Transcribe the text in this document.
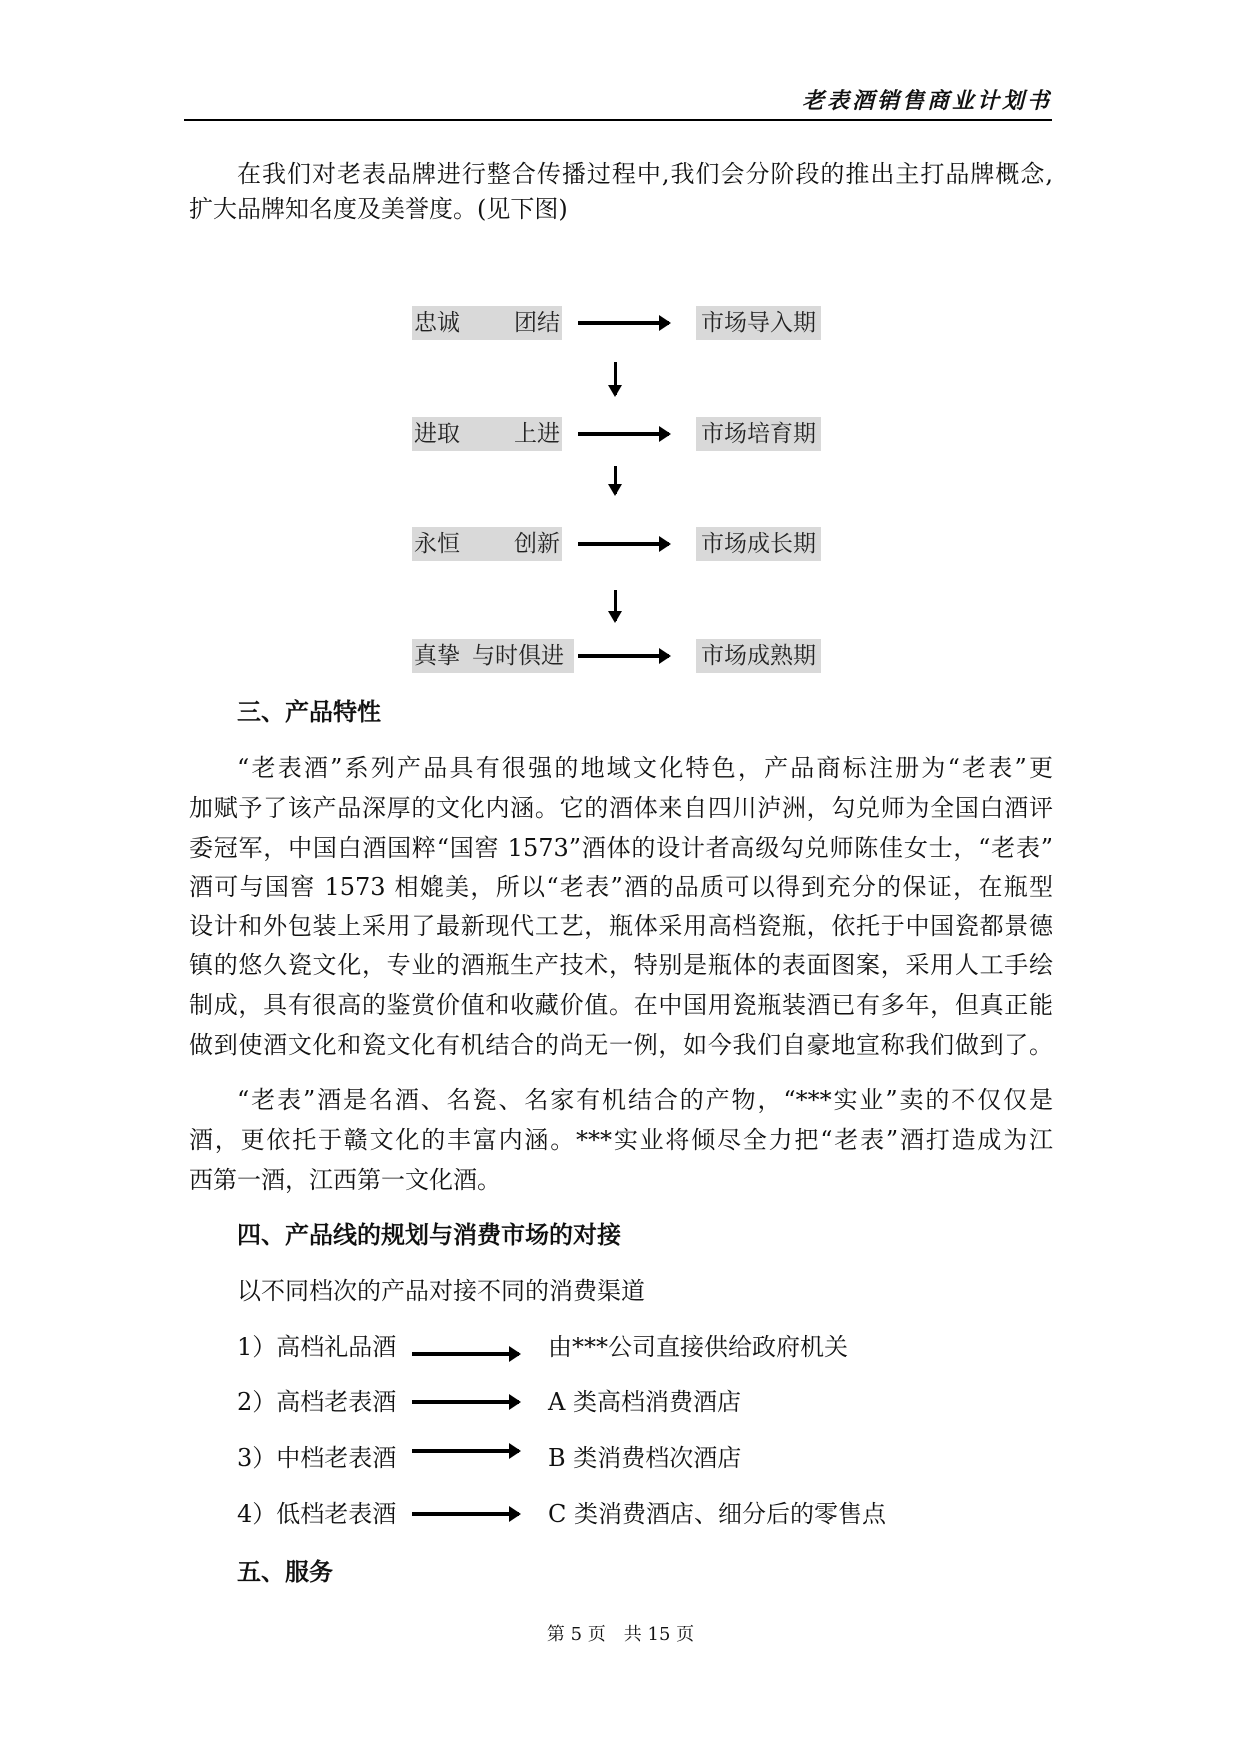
老表酒销售商业计划书
在我们对老表品牌进行整合传播过程中,我们会分阶段的推出主打品牌概念,
扩大品牌知名度及美誉度。(见下图)
忠诚 团结	市场导入期
进取 上进	市场培育期
永恒 创新	市场成长期
真挚 与时俱进	市场成熟期
三、产品特性
“老表酒”系列产品具有很强的地域文化特色，产品商标注册为“老表”更
加赋予了该产品深厚的文化内涵。它的酒体来自四川泸洲，勾兑师为全国白酒评
委冠军，中国白酒国粹“国窖 1573”酒体的设计者高级勾兑师陈佳女士，“老表”
酒可与国窖 1573 相媲美，所以“老表”酒的品质可以得到充分的保证，在瓶型
设计和外包装上采用了最新现代工艺，瓶体采用高档瓷瓶，依托于中国瓷都景德
镇的悠久瓷文化，专业的酒瓶生产技术，特别是瓶体的表面图案，采用人工手绘
制成，具有很高的鉴赏价值和收藏价值。在中国用瓷瓶装酒已有多年，但真正能
做到使酒文化和瓷文化有机结合的尚无一例，如今我们自豪地宣称我们做到了。
“老表”酒是名酒、名瓷、名家有机结合的产物，“***实业”卖的不仅仅是
酒，更依托于赣文化的丰富内涵。***实业将倾尽全力把“老表”酒打造成为江
西第一酒，江西第一文化酒。
四、产品线的规划与消费市场的对接
以不同档次的产品对接不同的消费渠道
1）高档礼品酒	由***公司直接供给政府机关
2）高档老表酒	A 类高档消费酒店
3）中档老表酒	B 类消费档次酒店
4）低档老表酒	C 类消费酒店、细分后的零售点
五、服务
第 5 页　共 15 页
